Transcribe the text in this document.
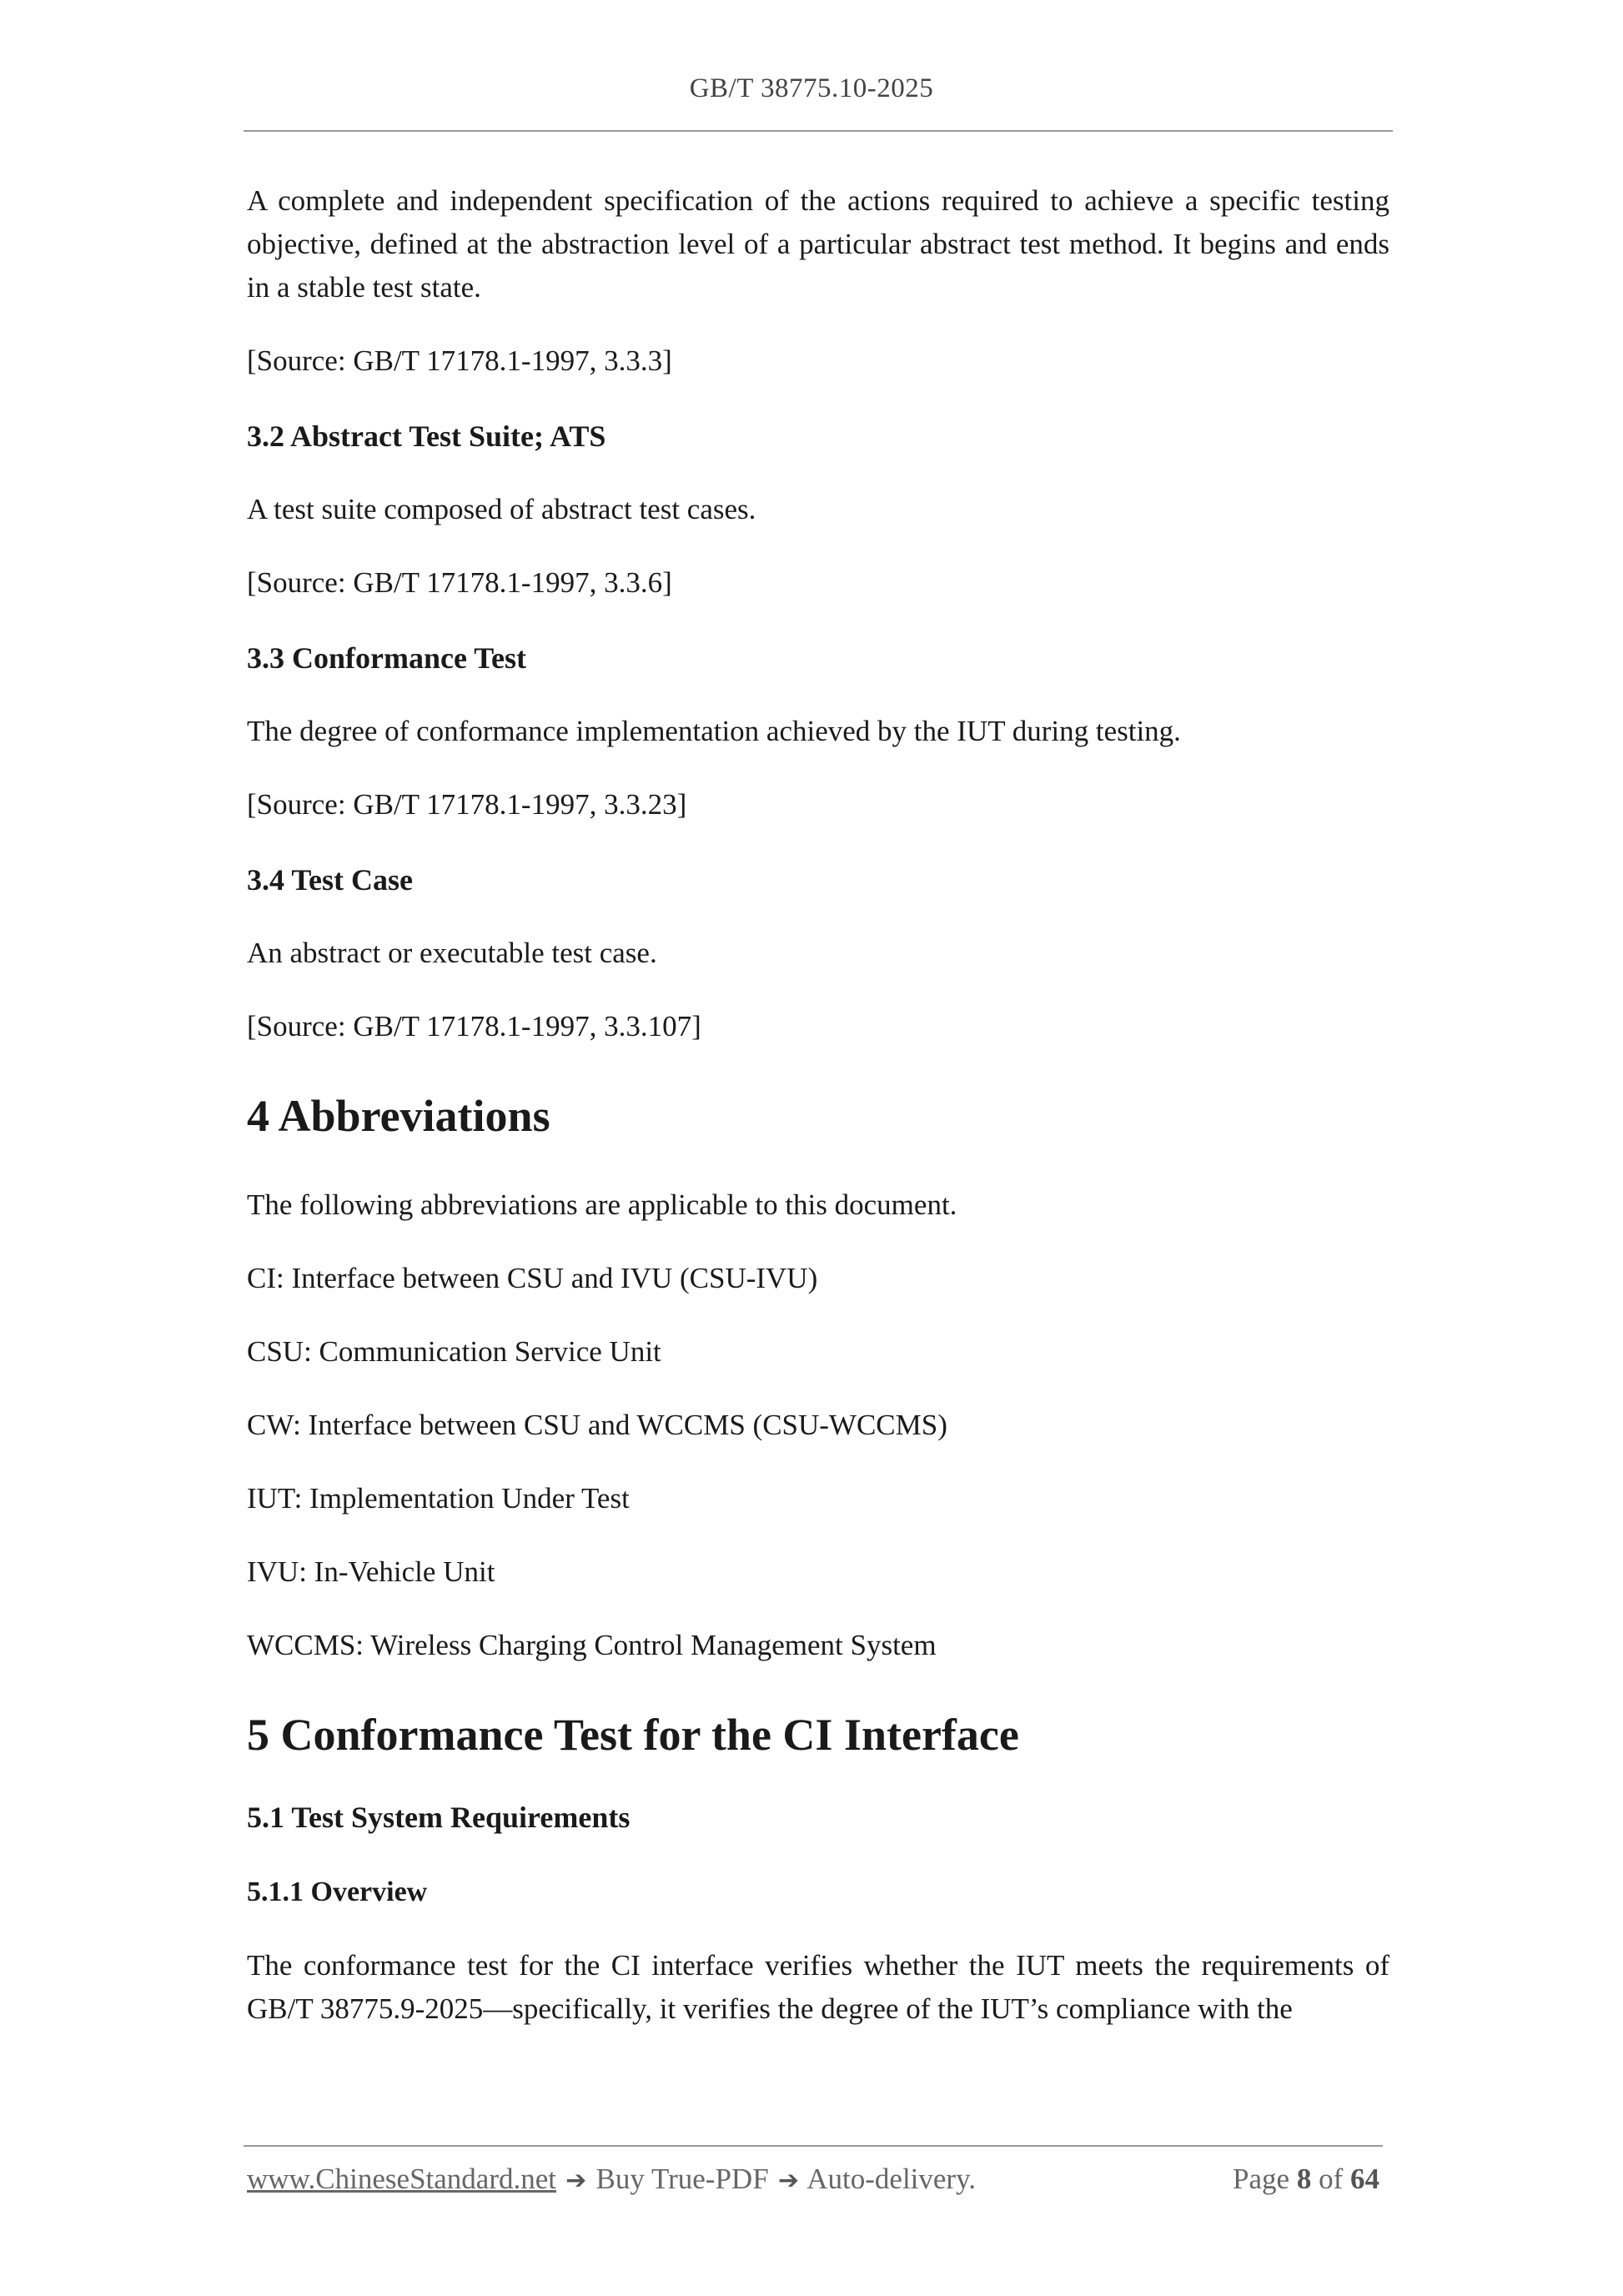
GB/T 38775.10-2025

A complete and independent specification of the actions required to achieve a specific testing objective, defined at the abstraction level of a particular abstract test method. It begins and ends in a stable test state.

[Source: GB/T 17178.1-1997, 3.3.3]

3.2 Abstract Test Suite; ATS

A test suite composed of abstract test cases.

[Source: GB/T 17178.1-1997, 3.3.6]

3.3 Conformance Test

The degree of conformance implementation achieved by the IUT during testing.

[Source: GB/T 17178.1-1997, 3.3.23]

3.4 Test Case

An abstract or executable test case.

[Source: GB/T 17178.1-1997, 3.3.107]

4 Abbreviations

The following abbreviations are applicable to this document.

CI: Interface between CSU and IVU (CSU-IVU)

CSU: Communication Service Unit

CW: Interface between CSU and WCCMS (CSU-WCCMS)

IUT: Implementation Under Test

IVU: In-Vehicle Unit

WCCMS: Wireless Charging Control Management System

5 Conformance Test for the CI Interface
5.1 Test System Requirements
5.1.1 Overview

The conformance test for the CI interface verifies whether the IUT meets the requirements of GB/T 38775.9-2025—specifically, it verifies the degree of the IUT’s compliance with the

www.ChineseStandard.net ➔ Buy True-PDF ➔ Auto-delivery.	Page 8 of 64
